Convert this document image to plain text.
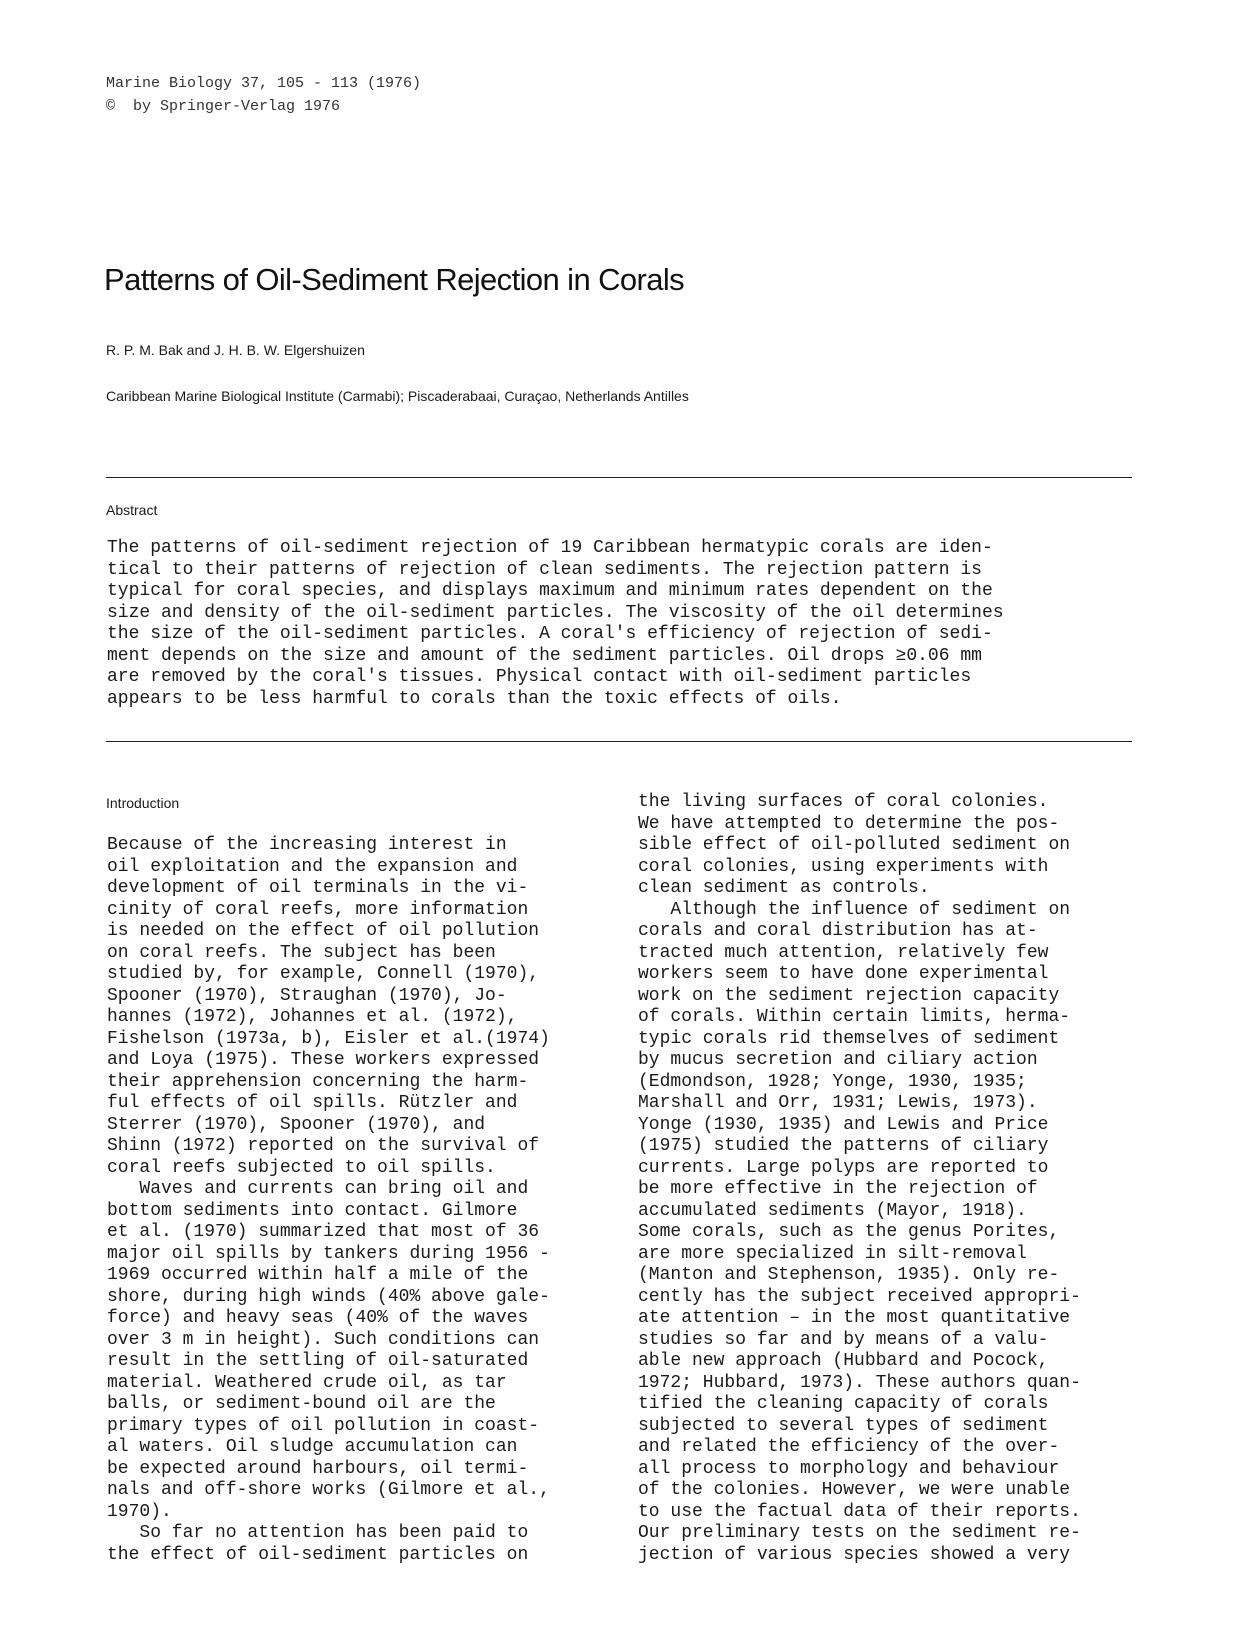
Marine Biology 37, 105 - 113 (1976)
©  by Springer-Verlag 1976
Patterns of Oil-Sediment Rejection in Corals
R. P. M. Bak and J. H. B. W. Elgershuizen
Caribbean Marine Biological Institute (Carmabi); Piscaderabaai, Curaçao, Netherlands Antilles
Abstract
The patterns of oil-sediment rejection of 19 Caribbean hermatypic corals are iden-
tical to their patterns of rejection of clean sediments. The rejection pattern is
typical for coral species, and displays maximum and minimum rates dependent on the
size and density of the oil-sediment particles. The viscosity of the oil determines
the size of the oil-sediment particles. A coral's efficiency of rejection of sedi-
ment depends on the size and amount of the sediment particles. Oil drops ≥0.06 mm
are removed by the coral's tissues. Physical contact with oil-sediment particles
appears to be less harmful to corals than the toxic effects of oils.
Introduction
Because of the increasing interest in
oil exploitation and the expansion and
development of oil terminals in the vi-
cinity of coral reefs, more information
is needed on the effect of oil pollution
on coral reefs. The subject has been
studied by, for example, Connell (1970),
Spooner (1970), Straughan (1970), Jo-
hannes (1972), Johannes et al. (1972),
Fishelson (1973a, b), Eisler et al.(1974)
and Loya (1975). These workers expressed
their apprehension concerning the harm-
ful effects of oil spills. Rützler and
Sterrer (1970), Spooner (1970), and
Shinn (1972) reported on the survival of
coral reefs subjected to oil spills.
Waves and currents can bring oil and
bottom sediments into contact. Gilmore
et al. (1970) summarized that most of 36
major oil spills by tankers during 1956 -
1969 occurred within half a mile of the
shore, during high winds (40% above gale-
force) and heavy seas (40% of the waves
over 3 m in height). Such conditions can
result in the settling of oil-saturated
material. Weathered crude oil, as tar
balls, or sediment-bound oil are the
primary types of oil pollution in coast-
al waters. Oil sludge accumulation can
be expected around harbours, oil termi-
nals and off-shore works (Gilmore et al.,
1970).
So far no attention has been paid to
the effect of oil-sediment particles on
the living surfaces of coral colonies.
We have attempted to determine the pos-
sible effect of oil-polluted sediment on
coral colonies, using experiments with
clean sediment as controls.
Although the influence of sediment on
corals and coral distribution has at-
tracted much attention, relatively few
workers seem to have done experimental
work on the sediment rejection capacity
of corals. Within certain limits, herma-
typic corals rid themselves of sediment
by mucus secretion and ciliary action
(Edmondson, 1928; Yonge, 1930, 1935;
Marshall and Orr, 1931; Lewis, 1973).
Yonge (1930, 1935) and Lewis and Price
(1975) studied the patterns of ciliary
currents. Large polyps are reported to
be more effective in the rejection of
accumulated sediments (Mayor, 1918).
Some corals, such as the genus Porites,
are more specialized in silt-removal
(Manton and Stephenson, 1935). Only re-
cently has the subject received appropri-
ate attention – in the most quantitative
studies so far and by means of a valu-
able new approach (Hubbard and Pocock,
1972; Hubbard, 1973). These authors quan-
tified the cleaning capacity of corals
subjected to several types of sediment
and related the efficiency of the over-
all process to morphology and behaviour
of the colonies. However, we were unable
to use the factual data of their reports.
Our preliminary tests on the sediment re-
jection of various species showed a very
